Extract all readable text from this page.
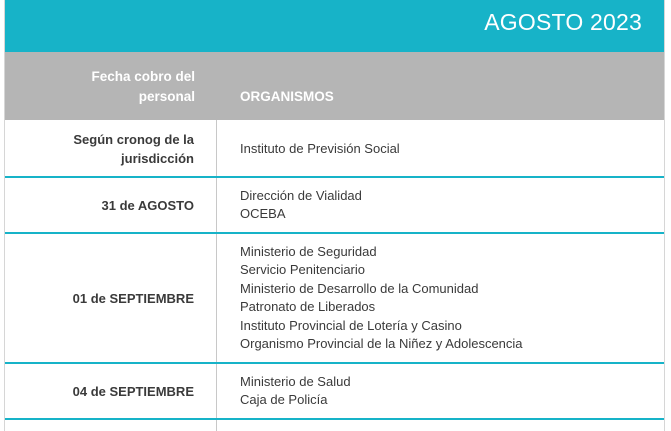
AGOSTO 2023
Fecha cobro del
personal	ORGANISMOS
Según cronog de la
jurisdicción
Instituto de Previsión Social
31 de AGOSTO
Dirección de Vialidad
OCEBA
01 de SEPTIEMBRE
Ministerio de Seguridad
Servicio Penitenciario
Ministerio de Desarrollo de la Comunidad
Patronato de Liberados
Instituto Provincial de Lotería y Casino
Organismo Provincial de la Niñez y Adolescencia
04 de SEPTIEMBRE
Ministerio de Salud
Caja de Policía
